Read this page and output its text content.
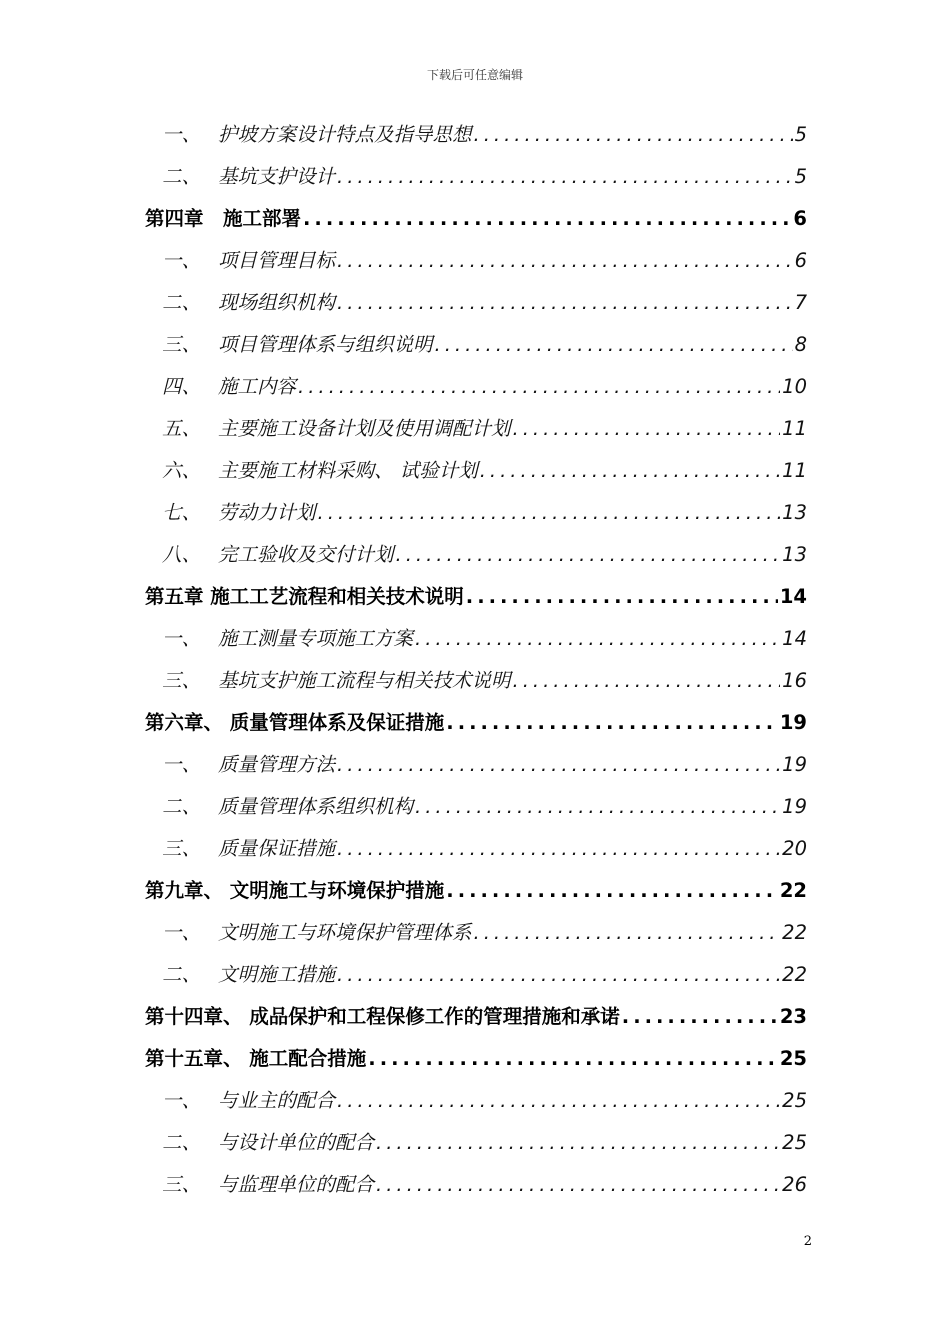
下载后可任意编辑
一、 护坡方案设计特点及指导思想 .....	5
二、 基坑支护设计 .....	5
第四章　施工部署 .....	6
一、 项目管理目标 .....	6
二、 现场组织机构 .....	7
三、 项目管理体系与组织说明 .....	8
四、 施工内容 .....	10
五、 主要施工设备计划及使用调配计划 .....	11
六、 主要施工材料采购、 试验计划 .....	11
七、 劳动力计划 .....	13
八、 完工验收及交付计划 .....	13
第五章 施工工艺流程和相关技术说明 .....	14
一、 施工测量专项施工方案 .....	14
三、 基坑支护施工流程与相关技术说明 .....	16
第六章、 质量管理体系及保证措施 .....	19
一、 质量管理方法 .....	19
二、 质量管理体系组织机构 .....	19
三、 质量保证措施 .....	20
第九章、 文明施工与环境保护措施 .....	22
一、 文明施工与环境保护管理体系 .....	22
二、 文明施工措施 .....	22
第十四章、 成品保护和工程保修工作的管理措施和承诺 .....	23
第十五章、 施工配合措施 .....	25
一、 与业主的配合 .....	25
二、 与设计单位的配合 .....	25
三、 与监理单位的配合 .....	26
2
